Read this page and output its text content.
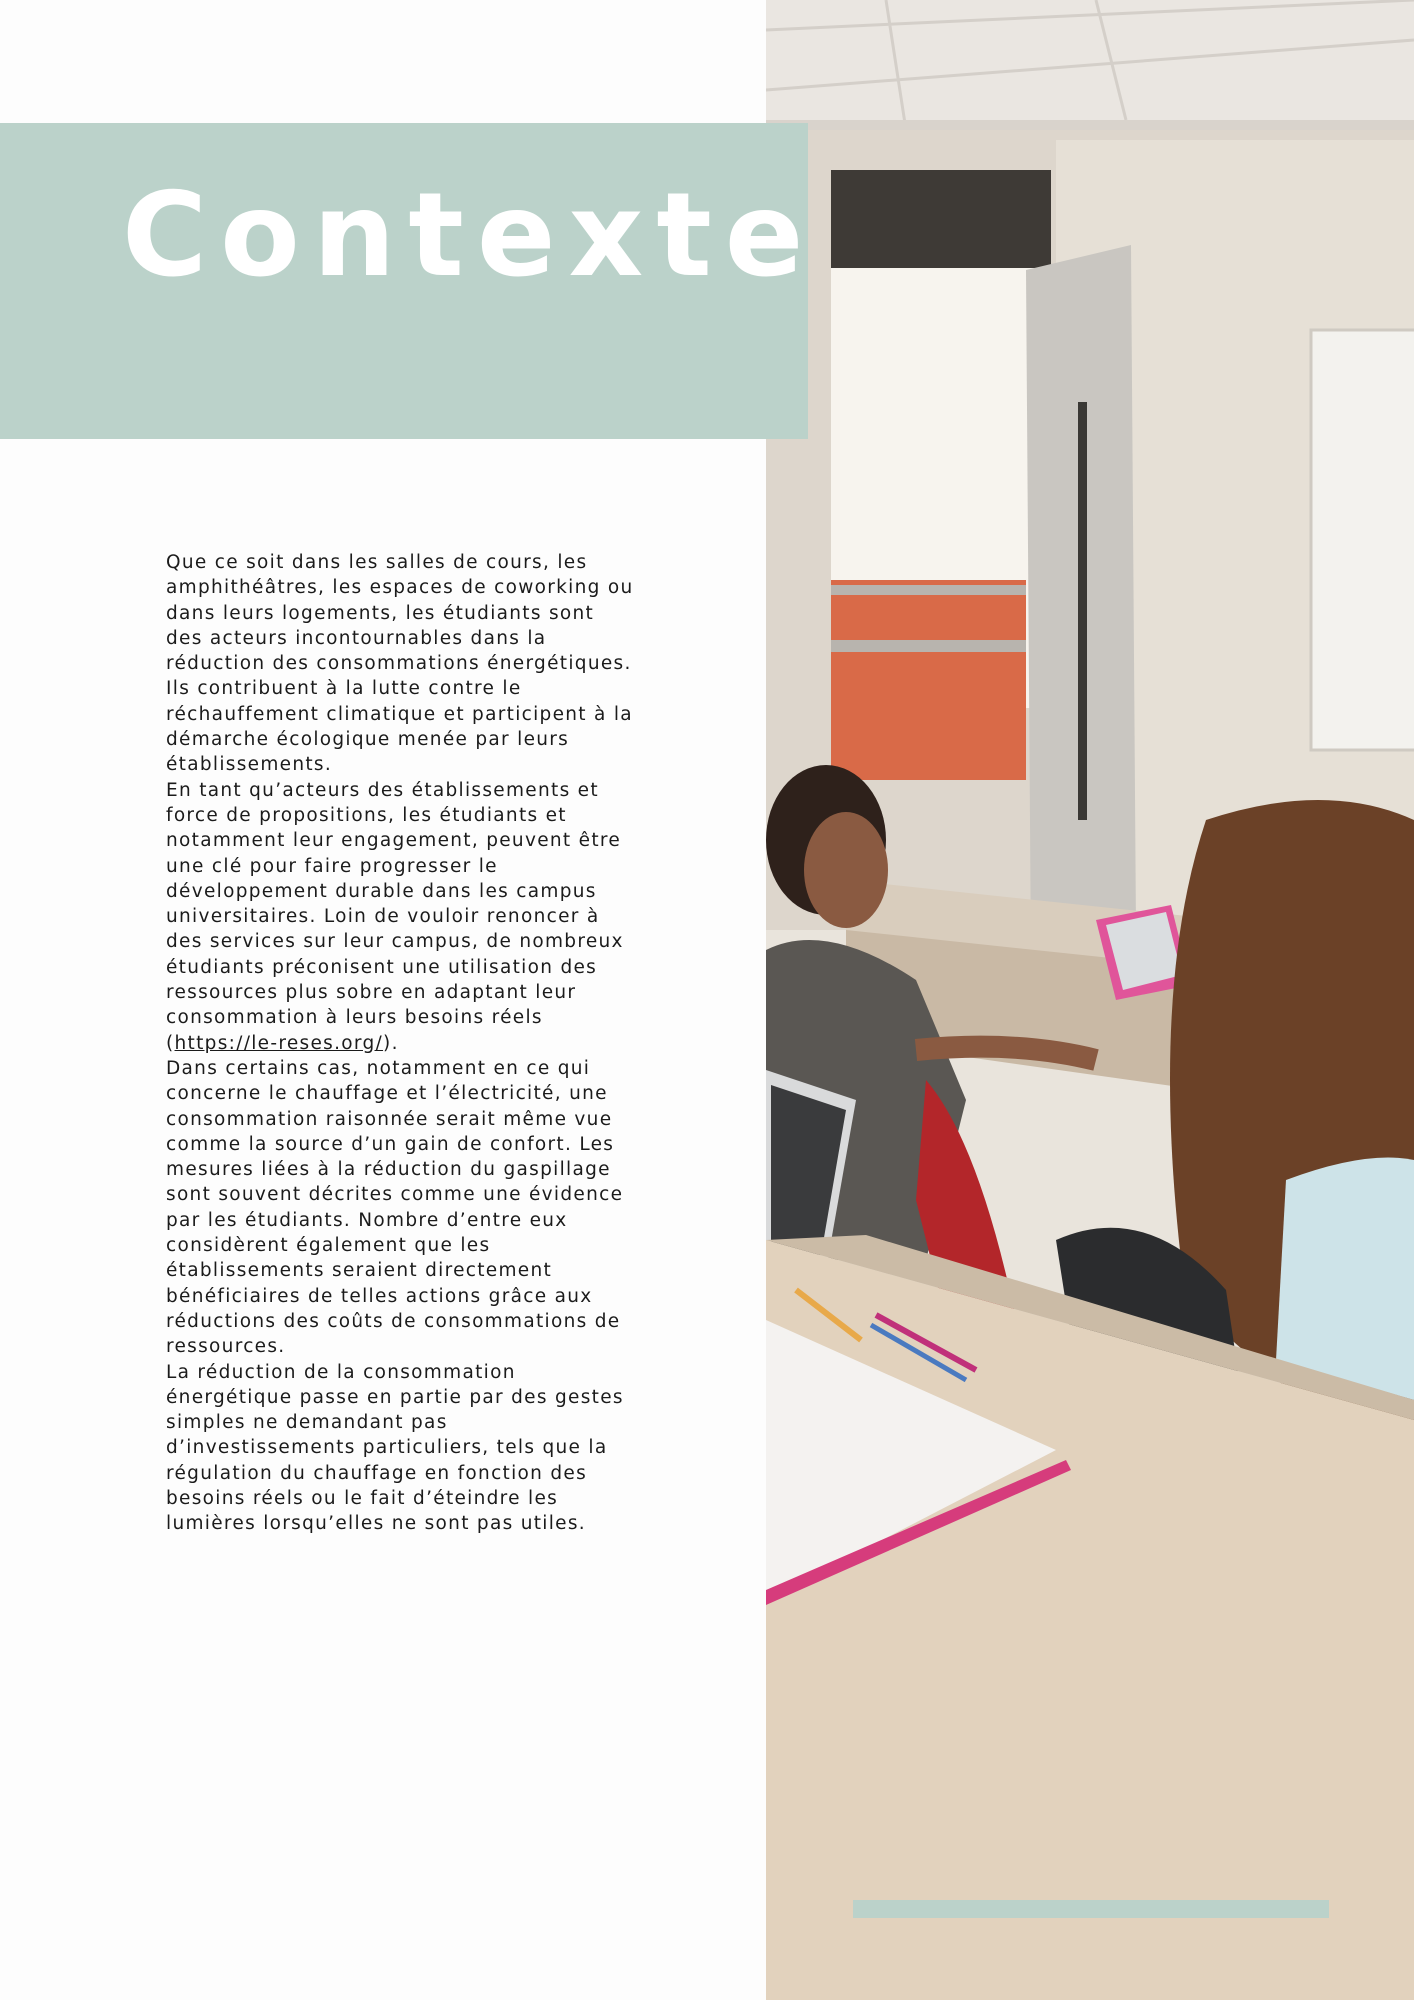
Contexte

Que ce soit dans les salles de cours, les amphithéâtres, les espaces de coworking ou dans leurs logements, les étudiants sont des acteurs incontournables dans la réduction des consommations énergétiques. Ils contribuent à la lutte contre le réchauffement climatique et participent à la démarche écologique menée par leurs établissements.

En tant qu’acteurs des établissements et force de propositions, les étudiants et notamment leur engagement, peuvent être une clé pour faire progresser le développement durable dans les campus universitaires. Loin de vouloir renoncer à des services sur leur campus, de nombreux étudiants préconisent une utilisation des ressources plus sobre en adaptant leur consommation à leurs besoins réels (https://le-reses.org/).

Dans certains cas, notamment en ce qui concerne le chauffage et l’électricité, une consommation raisonnée serait même vue comme la source d’un gain de confort. Les mesures liées à la réduction du gaspillage sont souvent décrites comme une évidence par les étudiants. Nombre d’entre eux considèrent également que les établissements seraient directement bénéficiaires de telles actions grâce aux réductions des coûts de consommations de ressources.

La réduction de la consommation énergétique passe en partie par des gestes simples ne demandant pas d’investissements particuliers, tels que la régulation du chauffage en fonction des besoins réels ou le fait d’éteindre les lumières lorsqu’elles ne sont pas utiles.
